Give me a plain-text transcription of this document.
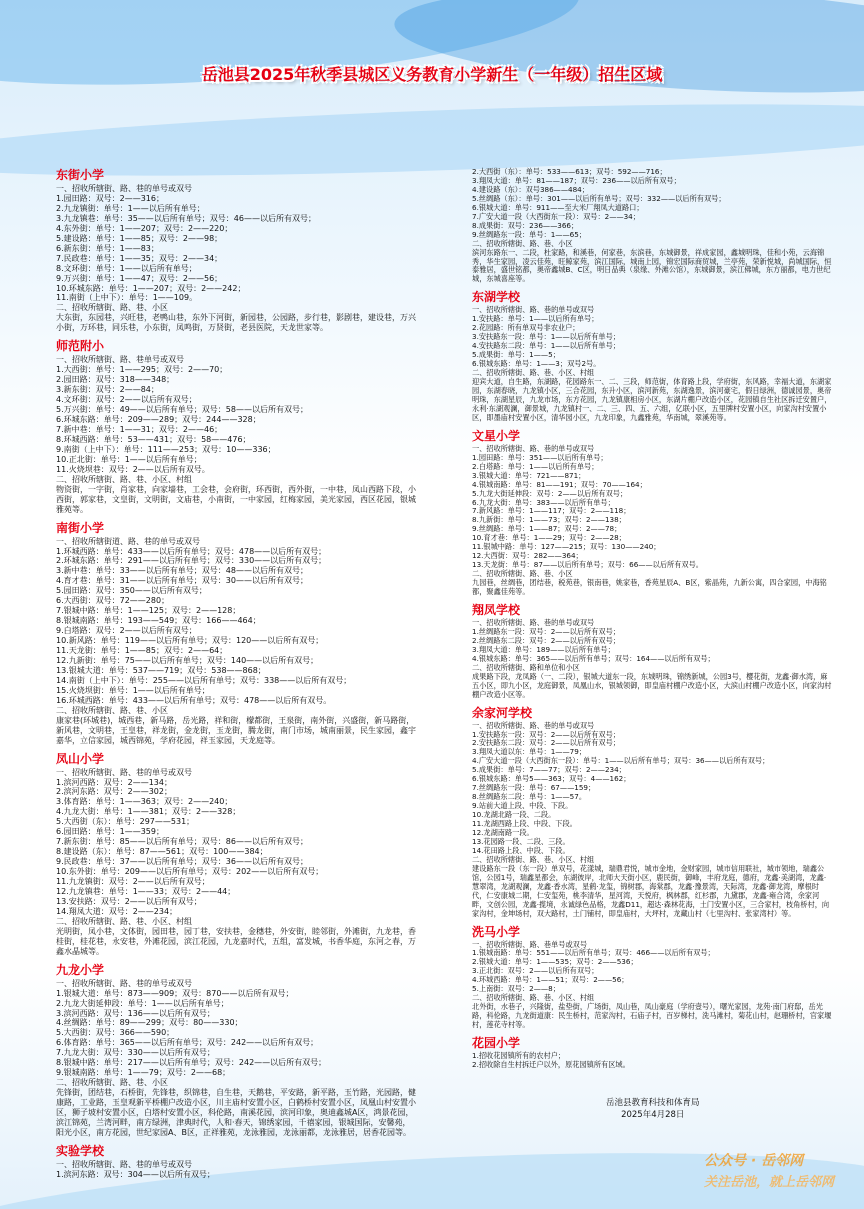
岳池县2025年秋季县城区义务教育小学新生（一年级）招生区域
东街小学
一、招收所辖街、路、巷的单号或双号
1.园田路：双号：2——316；
2.九龙镇街：单号：1——以后所有单号；
3.九龙镇巷：单号：35——以后所有单号；双号：46——以后所有双号；
4.东外街：单号：1——207；双号：2——220；
5.建设路：单号：1——85；双号：2——98；
6.新东街：单号：1——83；
7.民政巷：单号：1——35；双号：2——34；
8.文环街：单号：1——以后所有单号；
9.万兴街：单号：1——47；双号：2——56；
10.环城东路：单号：1——207；双号：2——242；
11.南街（上中下）：单号：1——109。
二、招收所辖街、路、巷、小区
大东街，东园巷，兴旺巷，老鸭山巷，东外下河街，新园巷，公园路，步行巷，影剧巷，建设巷，万兴小街，万环巷，同乐巷，小东街，凤鸣街，万贤街，老县医院，天龙世家等。
师范附小
一、招收所辖街、路、巷单号或双号
1.大西街：单号：1——295；双号：2——70；
2.园田路：双号：318——348；
3.新东街：双号：2——84；
4.文环街：双号：2——以后所有双号；
5.万兴街：单号：49——以后所有单号；双号：58——以后所有双号；
6.环城东路：单号：209——289；双号：244——328；
7.新中巷：单号：1——31；双号：2——46；
8.环城西路：单号：53——431；双号：58——476；
9.南街（上中下）：单号：111——253；双号：10——336；
10.正北街：单号：1——以后所有单号；
11.火烧坝巷：双号：2——以后所有双号。
二、招收所辖街、路、巷、小区、村组
物资街，一字街，肖家巷，向家墙巷，工会巷，会府街，环西街，西外街，一中巷，凤山西路下段，小西街，郭家巷，文皇街，文明街，文庙巷，小南街，一中家园，红梅家园，美光家园，西区花园，银城雅苑等。
南街小学
一、招收所辖街道、路、巷的单号或双号
1.环城西路：单号：433——以后所有单号；双号：478——以后所有双号；
2.环城东路：单号：291——以后所有单号；双号：330——以后所有双号；
3.新中巷：单号：33——以后所有单号；双号：48——以后所有双号；
4.育才巷：单号：31——以后所有单号；双号：30——以后所有双号；
5.园田路：双号：350——以后所有双号；
6.大西街：双号：72——280；
7.银城中路：单号：1——125；双号：2——128；
8.银城南路：单号：193——549；双号：166——464；
9.白塔路：双号：2——以后所有双号；
10.新风路：单号：119——以后所有单号；双号：120——以后所有双号；
11.天龙街：单号：1——85；双号：2——64；
12.九新街：单号：75——以后所有单号；双号：140——以后所有双号；
13.银城大道：单号：537——719；双号：538——868；
14.南街（上中下）：单号：255——以后所有单号；双号：338——以后所有双号；
15.火烧坝街：单号：1——以后所有单号；
16.环城西路：单号：433——以后所有单号；双号：478——以后所有双号。
二、招收所辖街、路、巷、小区
康家巷(环城巷)，城西巷，新马路，岳光路，祥和街，檬都街，王泉街，南外街，兴盛街，新马路街，新风巷，文明巷，王皇巷，祥龙街，金龙街，玉龙街，腾龙街，南门市场，城南丽景，民生家园，鑫宇嘉华，立信家园，城西锦苑，学府花园，祥玉家园，天龙庭等。
凤山小学
一、招收所辖街、路、巷的单号或双号
1.滨河西路：双号：2——134；
2.滨河东路：双号：2——302；
3.体育路：单号：1——363；双号：2——240；
4.九龙大街：单号：1——381；双号：2——328；
5.大西街（东）：单号：297——531；
6.园田路：单号：1——359；
7.新东街：单号：85——以后所有单号；双号：86——以后所有双号；
8.建设路（东）：单号：87——561；双号：100——384；
9.民政巷：单号：37——以后所有单号；双号：36——以后所有双号；
10.东外街：单号：209——以后所有单号；双号：202——以后所有双号；
11.九龙镇街：双号：2——以后所有双号；
12.九龙镇巷：单号：1——33；双号：2——44；
13.安扶路：双号：2——以后所有双号；
14.翔凤大道：双号：2——234；
二、招收所辖街、路、巷、小区、村组
光明街，凤小巷，文体街，园田巷，园丁巷，安扶巷，金穗巷，外安街，睦邻街，外滩街，九龙巷，香桂街，桂花巷，永安巷，外滩花园，滨江花园，九龙嘉时代，五组，富发城，书香华庭，东河之春，万鑫水晶城等。
九龙小学
一、招收所辖街、路、巷的单号或双号
1.银城大道：单号：873——909；双号：870——以后所有双号；
2.九龙大街延伸段：单号：1——以后所有单号；
3.滨河西路：双号：136——以后所有双号；
4.丝绸路：单号：89——299；双号：80——330；
5.大西街：双号：366——590；
6.体育路：单号：365——以后所有单号；双号：242——以后所有双号；
7.九龙大街：双号：330——以后所有双号；
8.银城中路：单号：217——以后所有单号；双号：242——以后所有双号；
9.银城南路：单号：1——79；双号：2——68；
二、招收所辖街、路、巷、小区
先锋街，团结巷，石桥街，先锋巷，织锦巷，自生巷，天鹅巷，平安路，新平路，玉竹路，光园路，健康路，工业路，玉皇观新平桥棚户改造小区，川主庙村安置小区，白鹤桥村安置小区，凤凰山村安置小区，狮子坡村安置小区，白塔村安置小区，科伦路，南溪花园，滨河印象，奥迪鑫城A区，鸿景花园，滨江锦苑，兰湾河畔，南方绿洲，津典时代，人和·春天，锦绣家园，千禧家园，银城国际，安馨苑，阳光小区，南方花园，世纪家园A、B区，正祥雅苑，龙泳雅园，龙泳丽都，龙泳雅居，居香花园等。
实验学校
一、招收所辖街、路、巷的单号或双号
1.滨河东路：双号：304——以后所有双号；
2.大西街（东）：单号：533——613；双号：592——716；
3.翔凤大道：单号：81——187；双号：236——以后所有双号；
4.建设路（东）：双号386——484；
5.丝绸路（东）：单号：301——以后所有单号；双号：332——以后所有双号；
6.银城大道：单号：911——至大米厂翔凤大道路口；
7.广安大道一段（大西街东一段）：双号：2——34；
8.成果街：双号：236——366；
9.丝绸路东一段：单号：1——65；
二、招收所辖街、路、巷、小区
滨河东路东一、二段，杜家路，和溪巷，何家巷，东滨巷，东城御景，祥成家园，鑫城明珠，佳和小苑，云海锦秀，华生家园，凌云佳苑，旺鲸家苑，滨江国际，城南上园，锦宏国际商贸城，兰亭苑，荣新悦城，尚城国际，恒泰雅居，盛世铭都，奥帝鑫城B、C区，明日品典（泉缘、外滩公馆），东城御景，滨江佛城，东方丽都，电力世纪城，东城喜座等。
东湖学校
一、招收所辖街、路、巷的单号或双号
1.安扶路：单号：1——以后所有单号；
2.花园路：所有单双号非农业户；
3.安扶路东一段：单号：1——以后所有单号；
4.安扶路东二段：单号：1——以后所有单号；
5.成果街：单号：1——5；
6.银城东路：单号：1——3；双号2号。
二、招收所辖街、路、巷、小区、村组
迎宾大道，自生路，东湖路，花园路东一、二、三段，师范街，体育路上段，学府街，东风路，幸福大道，东湖家园，东湖春晓，九龙镇小区，三合花园，东升小区，滨河新苑，东湖逸景，滨河豪宅，假日绿洲，德诚园景，奥帝明珠，东湖星辰，九龙市场，东方花园，九龙镇康相房小区，东湖片棚户改造小区，花园镇自生社区拆迁安置户，永利·东湖观澜，御景城，九龙镇村一、二、三、四、五、六组，亿联小区，五里牌村安置小区，向家沟村安置小区，即墨庙村安置小区，清华园小区，九龙印象，九鑫雅苑，华南城，翠溪苑等。
文星小学
一、招收所辖街、路、巷的单号或双号
1.园田路：单号：351——以后所有单号；
2.白塔路：单号：1——以后所有单号；
3.银城大道：单号：721——871；
4.银城南路：单号：81——191；双号：70——164；
5.九龙大街延伸段：双号：2——以后所有双号；
6.九龙大街：单号：383——以后所有单号；
7.新风路：单号：1——117；双号：2——118；
8.九新街：单号：1——73；双号：2——138；
9.丝绸路：单号：1——87；双号：2——78；
10.育才巷：单号：1——29；双号：2——28；
11.银城中路：单号：127——215；双号：130——240；
12.大西街：双号：282——364；
13.天龙街：单号：87——以后所有单号；双号：66——以后所有双号。
二、招收所辖街、路、巷、小区
九园巷，丝绸巷，团结巷，税苑巷，银南巷，姚家巷，香苑星辰A、B区，紫晶苑，九新公寓，四合家园，中海铭都，聚鑫佳苑等。
翔凤学校
一、招收所辖街、路、巷的单号或双号
1.丝绸路东一段：双号：2——以后所有双号；
2.丝绸路东二段：双号：2——以后所有双号；
3.翔凤大道：单号：189——以后所有单号；
4.银城东路：单号：365——以后所有单号；双号：164——以后所有双号；
二、招收所辖街、路和单位和小区
成果路下段，龙凤路（一、二段），银城大道东一段，东城明珠，锦绣新城，公园3号，樱花街，龙鑫·御水湾，麻五小区，即九小区，龙庭御景，凤凰山水，银城领御，即皇庙村棚户改造小区，大滨山村棚户改造小区，向家沟村棚户改造小区等。
余家河学校
一、招收所辖街、路、巷的单号或双号
1.安扶路东一段：双号：2——以后所有双号；
2.安扶路东二段：双号：2——以后所有双号；
3.翔凤大道以东：单号：1——79；
4.广安大道一段（大西街东一段）：单号：1——以后所有单号；双号：36——以后所有双号；
5.成果街：单号：7——77；双号：2——234；
6.银城东路：单号5——363；双号：4——162；
7.丝绸路东一段：单号：67——159；
8.丝绸路东二段：单号：1——57。
9.站前大道上段、中段、下段。
10.龙湖北路一段、二段。
11.龙湖西路上段、中段、下段。
12.龙湖南路一段。
13.花园路一段、二段、三段。
14.花田路上段、中段、下段。
二、招收所辖街、路、巷、小区、村组
建设路东一段（东一段）单双号，花漾城，瑞鼎君悦，城市金地，金财家园，城市信用联社，城市领地，瑞鑫公馆，公园1号，瑞鑫星都会，东湖彼岸，北师大天街小区，鹿民街，御峰，丰府龙庭，德府，龙鑫·美湖湾，龙鑫·慧翠湾，龙湖观澜，龙鑫·香水湾，星鹤·龙玺，锦树郡，海棠郡，龙鑫·豫景湾，天际湾，龙鑫·御龙湾，摩根时代，仁安康城二期，仁安玺苑，桃李清华，星河湾，天悦府，枫林郡，红杉郡，九黛郡，龙鑫·雍合湾，余家河畔，文创公园，龙鑫·揽境，永诚绿色品格，龙鑫D11，超达·森林花海，土门安置小区，三合家村，枝角桥村，向家沟村，金坤场村，双大路村，土门铺村，即皇庙村，大坪村，龙藏山村（七里沟村、张家湾村）等。
洗马小学
一、招收所辖街、路、巷单号或双号
1.银城南路：单号：551——以后所有单号；双号：466——以后所有双号；
2.银城大道：单号：1——535；双号：2——536；
3.正北街：双号：2——以后所有双号；
4.环城西路：单号：1——51；双号：2——56；
5.上南街：双号：2——8；
二、招收所辖街、路、巷、小区、村组
北外街，水巷子，兴隆街，盐垫街，广场街，凤山巷，凤山豪庭（学府壹号），曙光家园，龙苑·南门府邸，岳光路，科伦路，九龙街道康：民生桥村，范家沟村，石庙子村，百岁梯村，洗马滩村，菊花山村，赵珊桥村，官家堰村，莲花寺村等。
花园小学
1.招收花园镇所有的农村户；
2.招收除自生村拆迁户以外，原花园镇所有区域。
岳池县教育科技和体育局
2025年4月28日
公众号 · 岳邻网
关注岳池，就上岳邻网
